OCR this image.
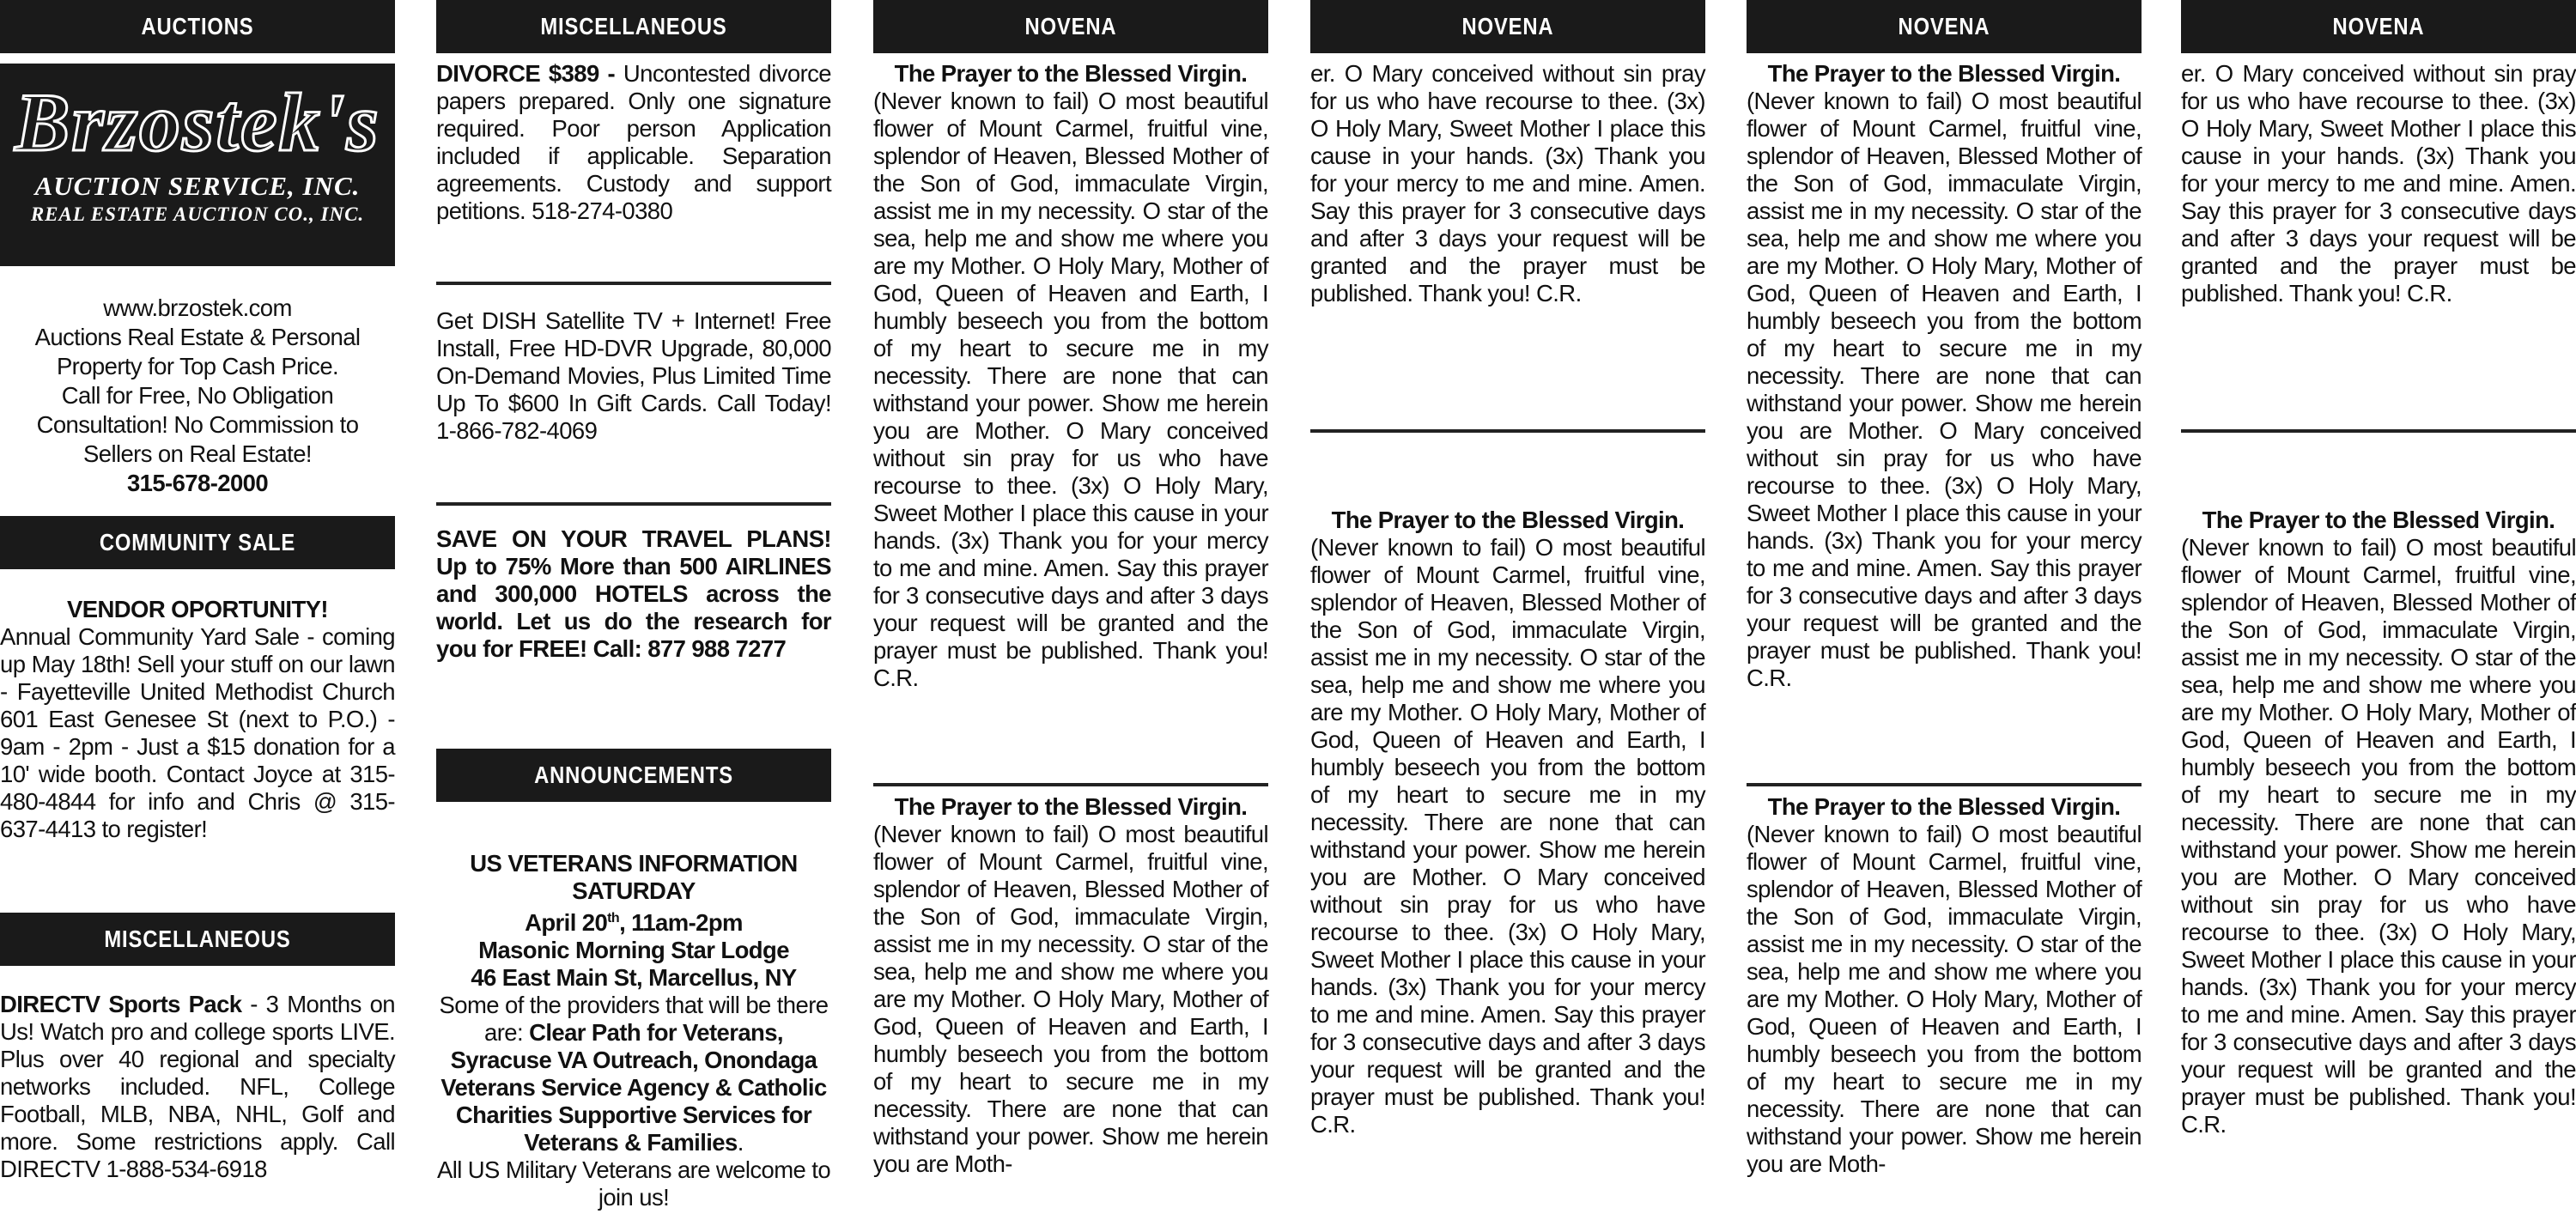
AUCTIONS
Brzostek's
AUCTION SERVICE, INC.
REAL ESTATE AUCTION CO., INC.
www.brzostek.com
Auctions Real Estate & Personal
Property for Top Cash Price.
Call for Free, No Obligation
Consultation! No Commission to
Sellers on Real Estate!
315-678-2000
COMMUNITY SALE
VENDOR OPORTUNITY!
Annual Community Yard Sale - coming up May 18th! Sell your stuff on our lawn - Fayetteville United Methodist Church 601 East Genesee St (next to P.O.) - 9am - 2pm - Just a $15 donation for a 10' wide booth. Contact Joyce at 315-480-4844 for info and Chris @ 315-637-4413 to register!
MISCELLANEOUS
DIRECTV Sports Pack - 3 Months on Us! Watch pro and college sports LIVE. Plus over 40 regional and specialty networks included. NFL, College Football, MLB, NBA, NHL, Golf and more. Some restrictions apply. Call DIRECTV 1-888-534-6918
MISCELLANEOUS
DIVORCE $389 - Uncontested divorce papers prepared. Only one signature required. Poor person Application included if applicable. Separation agreements. Custody and support petitions. 518-274-0380
Get DISH Satellite TV + Internet! Free Install, Free HD-DVR Upgrade, 80,000 On-Demand Movies, Plus Limited Time Up To $600 In Gift Cards. Call Today! 1-866-782-4069
SAVE ON YOUR TRAVEL PLANS! Up to 75% More than 500 AIRLINES and 300,000 HOTELS across the world. Let us do the research for you for FREE! Call: 877 988 7277
ANNOUNCEMENTS
US VETERANS INFORMATION
SATURDAY
April 20th, 11am-2pm
Masonic Morning Star Lodge
46 East Main St, Marcellus, NY
Some of the providers that will be there are: Clear Path for Veterans, Syracuse VA Outreach, Onondaga Veterans Service Agency & Catholic Charities Supportive Services for Veterans & Families.
All US Military Veterans are welcome to join us!
NOVENA
The Prayer to the Blessed Virgin.
(Never known to fail) O most beautiful flower of Mount Carmel, fruitful vine, splendor of Heaven, Blessed Mother of the Son of God, immaculate Virgin, assist me in my necessity. O star of the sea, help me and show me where you are my Mother. O Holy Mary, Mother of God, Queen of Heaven and Earth, I humbly beseech you from the bottom of my heart to secure me in my necessity. There are none that can withstand your power. Show me herein you are Mother. O Mary conceived without sin pray for us who have recourse to thee. (3x) O Holy Mary, Sweet Mother I place this cause in your hands. (3x) Thank you for your mercy to me and mine. Amen. Say this prayer for 3 consecutive days and after 3 days your request will be granted and the prayer must be published. Thank you! C.R.
The Prayer to the Blessed Virgin.
(Never known to fail) O most beautiful flower of Mount Carmel, fruitful vine, splendor of Heaven, Blessed Mother of the Son of God, immaculate Virgin, assist me in my necessity. O star of the sea, help me and show me where you are my Mother. O Holy Mary, Mother of God, Queen of Heaven and Earth, I humbly beseech you from the bottom of my heart to secure me in my necessity. There are none that can withstand your power. Show me herein you are Moth-
NOVENA
er. O Mary conceived without sin pray for us who have recourse to thee. (3x) O Holy Mary, Sweet Mother I place this cause in your hands. (3x) Thank you for your mercy to me and mine. Amen. Say this prayer for 3 consecutive days and after 3 days your request will be granted and the prayer must be published. Thank you! C.R.
The Prayer to the Blessed Virgin.
(Never known to fail) O most beautiful flower of Mount Carmel, fruitful vine, splendor of Heaven, Blessed Mother of the Son of God, immaculate Virgin, assist me in my necessity. O star of the sea, help me and show me where you are my Mother. O Holy Mary, Mother of God, Queen of Heaven and Earth, I humbly beseech you from the bottom of my heart to secure me in my necessity. There are none that can withstand your power. Show me herein you are Mother. O Mary conceived without sin pray for us who have recourse to thee. (3x) O Holy Mary, Sweet Mother I place this cause in your hands. (3x) Thank you for your mercy to me and mine. Amen. Say this prayer for 3 consecutive days and after 3 days your request will be granted and the prayer must be published. Thank you! C.R.
NOVENA
The Prayer to the Blessed Virgin.
(Never known to fail) O most beautiful flower of Mount Carmel, fruitful vine, splendor of Heaven, Blessed Mother of the Son of God, immaculate Virgin, assist me in my necessity. O star of the sea, help me and show me where you are my Mother. O Holy Mary, Mother of God, Queen of Heaven and Earth, I humbly beseech you from the bottom of my heart to secure me in my necessity. There are none that can withstand your power. Show me herein you are Mother. O Mary conceived without sin pray for us who have recourse to thee. (3x) O Holy Mary, Sweet Mother I place this cause in your hands. (3x) Thank you for your mercy to me and mine. Amen. Say this prayer for 3 consecutive days and after 3 days your request will be granted and the prayer must be published. Thank you! C.R.
The Prayer to the Blessed Virgin.
(Never known to fail) O most beautiful flower of Mount Carmel, fruitful vine, splendor of Heaven, Blessed Mother of the Son of God, immaculate Virgin, assist me in my necessity. O star of the sea, help me and show me where you are my Mother. O Holy Mary, Mother of God, Queen of Heaven and Earth, I humbly beseech you from the bottom of my heart to secure me in my necessity. There are none that can withstand your power. Show me herein you are Moth-
NOVENA
er. O Mary conceived without sin pray for us who have recourse to thee. (3x) O Holy Mary, Sweet Mother I place this cause in your hands. (3x) Thank you for your mercy to me and mine. Amen. Say this prayer for 3 consecutive days and after 3 days your request will be granted and the prayer must be published. Thank you! C.R.
The Prayer to the Blessed Virgin.
(Never known to fail) O most beautiful flower of Mount Carmel, fruitful vine, splendor of Heaven, Blessed Mother of the Son of God, immaculate Virgin, assist me in my necessity. O star of the sea, help me and show me where you are my Mother. O Holy Mary, Mother of God, Queen of Heaven and Earth, I humbly beseech you from the bottom of my heart to secure me in my necessity. There are none that can withstand your power. Show me herein you are Mother. O Mary conceived without sin pray for us who have recourse to thee. (3x) O Holy Mary, Sweet Mother I place this cause in your hands. (3x) Thank you for your mercy to me and mine. Amen. Say this prayer for 3 consecutive days and after 3 days your request will be granted and the prayer must be published. Thank you! C.R.
